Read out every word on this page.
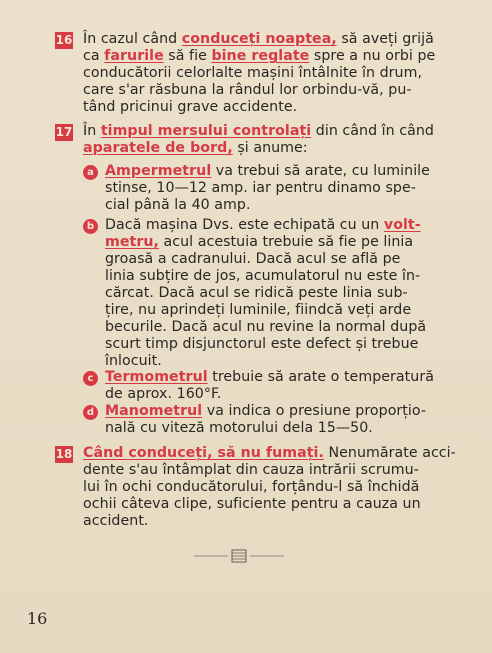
16 În cazul când conduceți noaptea, să aveți grijă
ca farurile să fie bine reglate spre a nu orbi pe
conducătorii celorlalte mașini întâlnite în drum,
care s'ar răsbuna la rândul lor orbindu-vă, pu-
tând pricinui grave accidente.
17 În timpul mersului controlați din când în când
aparatele de bord, și anume:
a Ampermetrul va trebui să arate, cu luminile
stinse, 10—12 amp. iar pentru dinamo spe-
cial până la 40 amp.
b Dacă mașina Dvs. este echipată cu un volt-
metru, acul acestuia trebuie să fie pe linia
groasă a cadranului. Dacă acul se află pe
linia subțire de jos, acumulatorul nu este în-
cărcat. Dacă acul se ridică peste linia sub-
țire, nu aprindeți luminile, fiindcă veți arde
becurile. Dacă acul nu revine la normal după
scurt timp disjunctorul este defect și trebue
înlocuit.
c Termometrul trebuie să arate o temperatură
de aprox. 160°F.
d Manometrul va indica o presiune proporțio-
nală cu viteză motorului dela 15—50.
18 Când conduceți, să nu fumați. Nenumărate acci-
dente s'au întâmplat din cauza intrării scrumu-
lui în ochi conducătorului, forțându-l să închidă
ochii câteva clipe, suficiente pentru a cauza un
accident.
16
